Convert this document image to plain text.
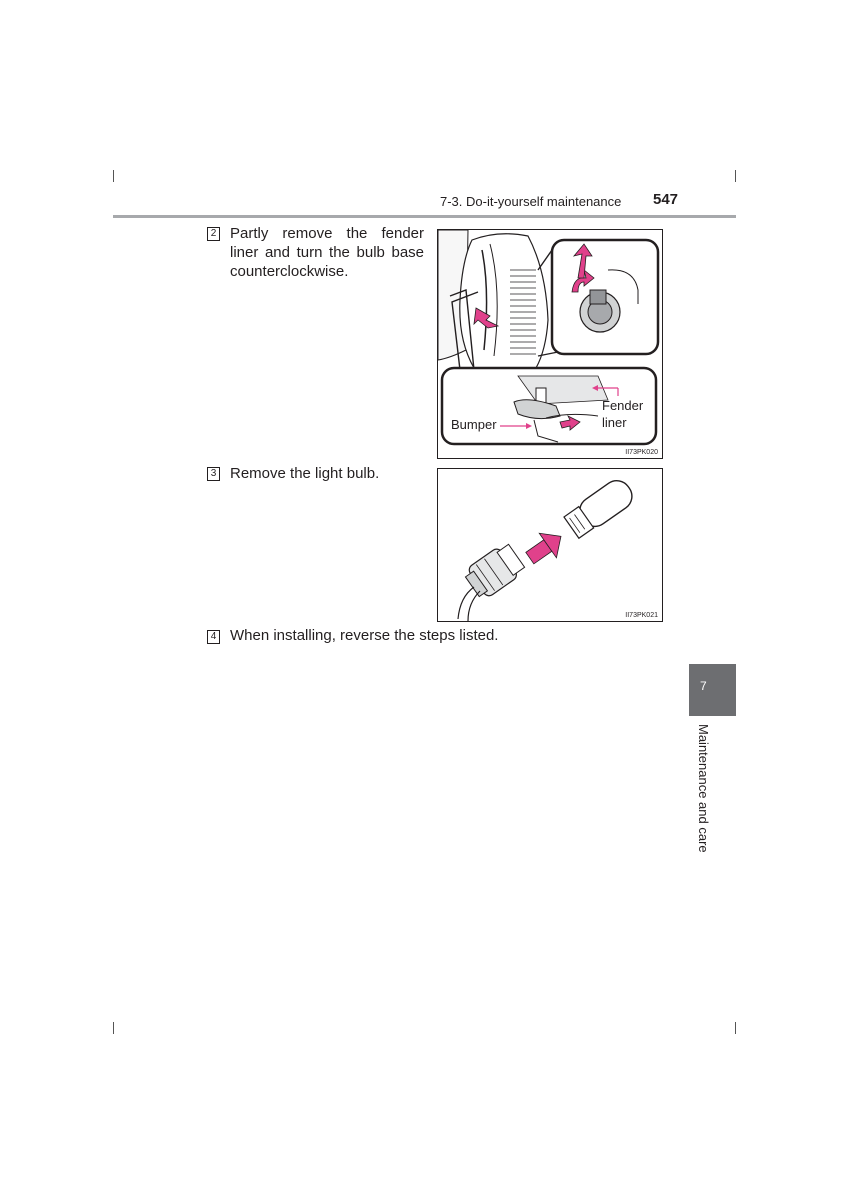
7-3. Do-it-yourself maintenance 547
2 Partly remove the fender liner and turn the bulb base counterclockwise.
Bumper
Fender
liner
II73PK020
3 Remove the light bulb.
II73PK021
4 When installing, reverse the steps listed.
7
Maintenance and care
